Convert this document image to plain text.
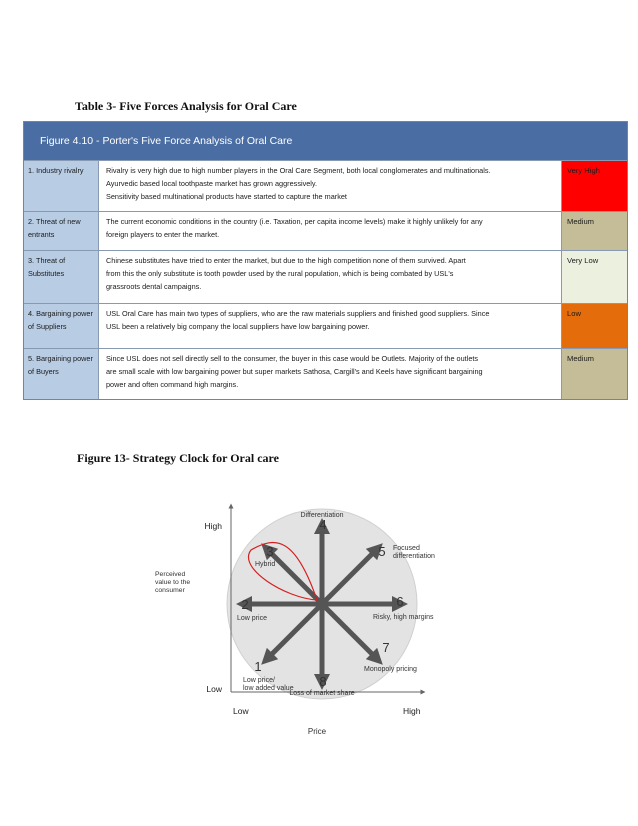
Table 3- Five Forces Analysis for Oral Care
Figure 4.10 - Porter's Five Force Analysis of Oral Care
1. Industry rivalry	Rivalry is very high due to high number players in the Oral Care Segment, both local conglomerates and multinationals.
Ayurvedic based local toothpaste market has grown aggressively.
Sensitivity based multinational products have started to capture the market
Very High
2. Threat of new entrants
The current economic conditions in the country (i.e. Taxation, per capita income levels) make it highly unlikely for any
foreign players to enter the market.
Medium
3. Threat of Substitutes
Chinese substitutes have tried to enter the market, but due to the high competition none of them survived. Apart
from this the only substitute is tooth powder used by the rural population, which is being combated by USL's
grassroots dental campaigns.
Very Low
4. Bargaining power of Suppliers
USL Oral Care has main two types of suppliers, who are the raw materials suppliers and finished good suppliers. Since
USL been a relatively big company the local suppliers have low bargaining power.
Low
5. Bargaining power of Buyers
Since USL does not sell directly sell to the consumer, the buyer in this case would be Outlets. Majority of the outlets
are small scale with low bargaining power but super markets Sathosa, Cargill's and Keels have significant bargaining
power and often command high margins.
Medium
Figure 13- Strategy Clock for Oral care
1
Low price/
low added value
2
Low price
3
Hybrid
4
Differentiation
5 Focused
differentiation
6
Risky, high margins
7
Monopoly pricing
8
Loss of market share
High
Low
Perceived
value to the
consumer
Low	High
Price
